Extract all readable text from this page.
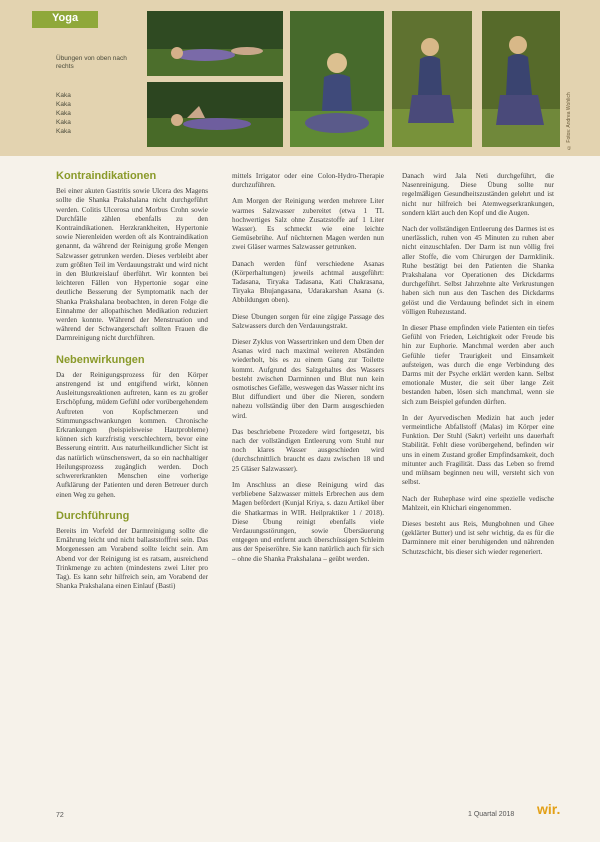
Yoga
Übungen von oben nach rechts
Kaka
Kaka
Kaka
Kaka
Kaka	© Fotos: Andrea Wohlich
Kontraindikationen

Bei einer akuten Gastritis sowie Ulcera des Magens sollte die Shanka Prakshalana nicht durchgeführt werden. Colitis Ulcerosa und Morbus Crohn sowie Durchfälle zählen ebenfalls zu den Kontraindikationen. Herzkrankheiten, Hypertonie sowie Nierenleiden werden oft als Kontraindikation genannt, da während der Reinigung große Mengen Salzwasser getrunken werden. Dieses verbleibt aber zum größten Teil im Verdauungstrakt und wird nicht in den Blutkreislauf überführt. Wir konnten bei leichteren Fällen von Hypertonie sogar eine deutliche Besserung der Symptomatik nach der Shanka Prakshalana beobachten, in deren Folge die Einnahme der allopathischen Medikation reduziert werden konnte. Während der Menstruation und während der Schwangerschaft sollten Frauen die Darmreinigung nicht durchführen.

Nebenwirkungen

Da der Reinigungsprozess für den Körper anstrengend ist und entgiftend wirkt, können Ausleitungsreaktionen auftreten, kann es zu großer Erschöpfung, müdem Gefühl oder vorübergehendem Auftreten von Kopfschmerzen und Stimmungsschwankungen kommen. Chronische Erkrankungen (beispielsweise Hautprobleme) können sich kurzfristig verschlechtern, bevor eine Besserung eintritt. Aus naturheilkundlicher Sicht ist das natürlich wünschenswert, da so ein nachhaltiger Heilungsprozess zugänglich werden. Doch schwererkrankten Menschen eine vorherige Aufklärung der Patienten und deren Betreuer durch einen Weg zu gehen.

Durchführung

Bereits im Vorfeld der Darmreinigung sollte die Ernährung leicht und nicht ballaststofffrei sein. Das Morgenessen am Vorabend sollte leicht sein. Am Abend vor der Reinigung ist es ratsam, ausreichend Trinkmenge zu achten (mindestens zwei Liter pro Tag). Es kann sehr hilfreich sein, am Vorabend der Shanka Prakshalana einen Einlauf (Basti)

mittels Irrigator oder eine Colon-Hydro-Therapie durchzuführen.

Am Morgen der Reinigung werden mehrere Liter warmes Salzwasser zubereitet (etwa 1 TL hochwertiges Salz ohne Zusatzstoffe auf 1 Liter Wasser). Es schmeckt wie eine leichte Gemüsebrühe. Auf nüchternen Magen werden nun zwei Gläser warmes Salzwasser getrunken.

Danach werden fünf verschiedene Asanas (Körperhaltungen) jeweils achtmal ausgeführt: Tadasana, Tiryaka Tadasana, Kati Chakrasana, Tiryaka Bhujangasana, Udarakarshan Asana (s. Abbildungen oben).

Diese Übungen sorgen für eine zügige Passage des Salzwassers durch den Verdauungstrakt.

Dieser Zyklus von Wassertrinken und dem Üben der Asanas wird nach maximal weiteren Abständen wiederholt, bis es zu einem Gang zur Toilette kommt. Aufgrund des Salzgehaltes des Wassers besteht zwischen Darminnen und Blut nun kein osmotisches Gefälle, weswegen das Wasser nicht ins Blut diffundiert und über die Nieren, sondern nahezu vollständig über den Darm ausgeschieden wird.

Das beschriebene Prozedere wird fortgesetzt, bis nach der vollständigen Entleerung vom Stuhl nur noch klares Wasser ausgeschieden wird (durchschnittlich braucht es dazu zwischen 18 und 25 Gläser Salzwasser).

Im Anschluss an diese Reinigung wird das verbliebene Salzwasser mittels Erbrechen aus dem Magen befördert (Kunjal Kriya, s. dazu Artikel über die Shatkarmas in WIR. Heilpraktiker 1 / 2018). Diese Übung reinigt ebenfalls viele Verdauungsstörungen, sowie Übersäuerung entgegen und entfernt auch überschüssigen Schleim aus der Speiseröhre. Sie kann natürlich auch für sich – ohne die Shanka Prakshalana – geübt werden.

Danach wird Jala Neti durchgeführt, die Nasenreinigung. Diese Übung sollte nur regelmäßigen Gesundheitszuständen gelehrt und ist nicht nur hilfreich bei Atemwegserkrankungen, sondern klärt auch den Kopf und die Augen.

Nach der vollständigen Entleerung des Darmes ist es unerlässlich, ruhen von 45 Minuten zu ruhen aber nicht einzuschlafen. Der Darm ist nun völlig frei aller Stoffe, die vom Chirurgen der Darmklinik. Ruhe bestätigt bei den Patienten die Shanka Prakshalana vor Operationen des Dickdarms durchgeführt. Selbst Jahrzehnte alte Verkrustungen haben sich nun aus den Taschen des Dickdarms gelöst und die Verdauung befindet sich in einem völligen Ruhezustand.

In dieser Phase empfinden viele Patienten ein tiefes Gefühl von Frieden, Leichtigkeit oder Freude bis hin zur Euphorie. Manchmal werden aber auch Gefühle tiefer Traurigkeit und Einsamkeit aufsteigen, was durch die enge Verbindung des Darms mit der Psyche erklärt werden kann. Selbst emotionale Muster, die seit über lange Zeit bestanden haben, lösen sich manchmal, wenn sie sich zum Beispiel gefunden dürften.

In der Ayurvedischen Medizin hat auch jeder vermeintliche Abfallstoff (Malas) im Körper eine Funktion. Der Stuhl (Sakrt) verleiht uns dauerhaft Stabilität. Fehlt diese vorübergehend, befinden wir uns in einem Zustand großer Empfindsamkeit, doch mitunter auch Fragilität. Dass das Leben so fremd und mühsam beginnen neu will, versteht sich von selbst.

Nach der Ruhephase wird eine spezielle vedische Mahlzeit, ein Khichari eingenommen.

Dieses besteht aus Reis, Mungbohnen und Ghee (geklärter Butter) und ist sehr wichtig, da es für die Darminnere mit einer beruhigenden und nährenden Schutzschicht, bis dieser sich wieder regeneriert.

72	1 Quartal 2018 wir.
